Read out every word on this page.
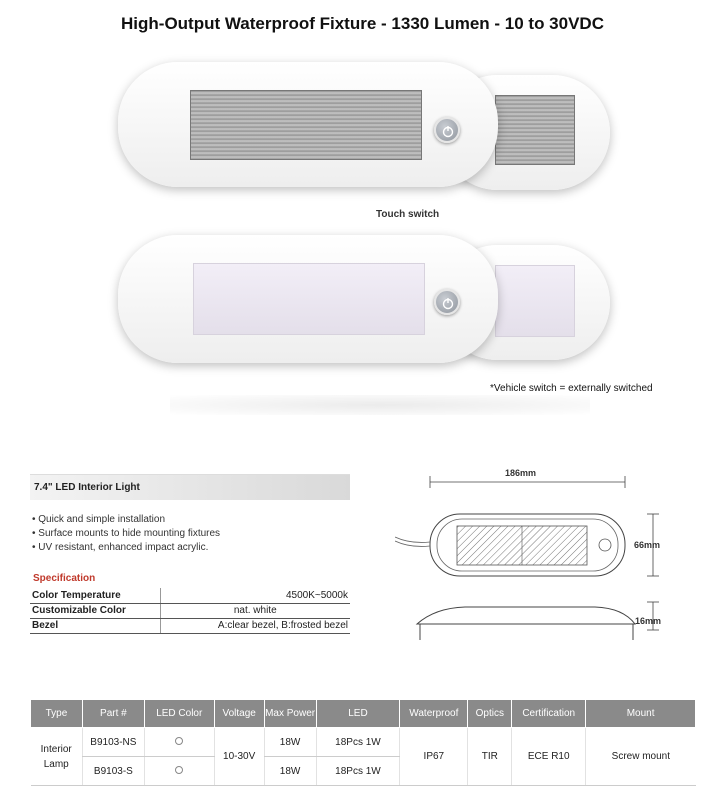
High-Output Waterproof Fixture - 1330 Lumen - 10 to 30VDC
Touch switch
*Vehicle switch = externally switched
7.4" LED Interior Light
• Quick and simple installation
• Surface mounts to hide mounting fixtures
• UV resistant, enhanced impact acrylic.
Specification
Color Temperature	4500K~5000k
Customizable Color	nat. white
Bezel	A:clear bezel, B:frosted bezel
186mm
66mm
16mm
Type	Part #	LED Color	Voltage	Max Power	LED	Waterproof	Optics	Certification	Mount
Interior Lamp	B9103-NS		10-30V	18W	18Pcs 1W	IP67	TIR	ECE R10	Screw mount
	B9103-S			18W	18Pcs 1W				
